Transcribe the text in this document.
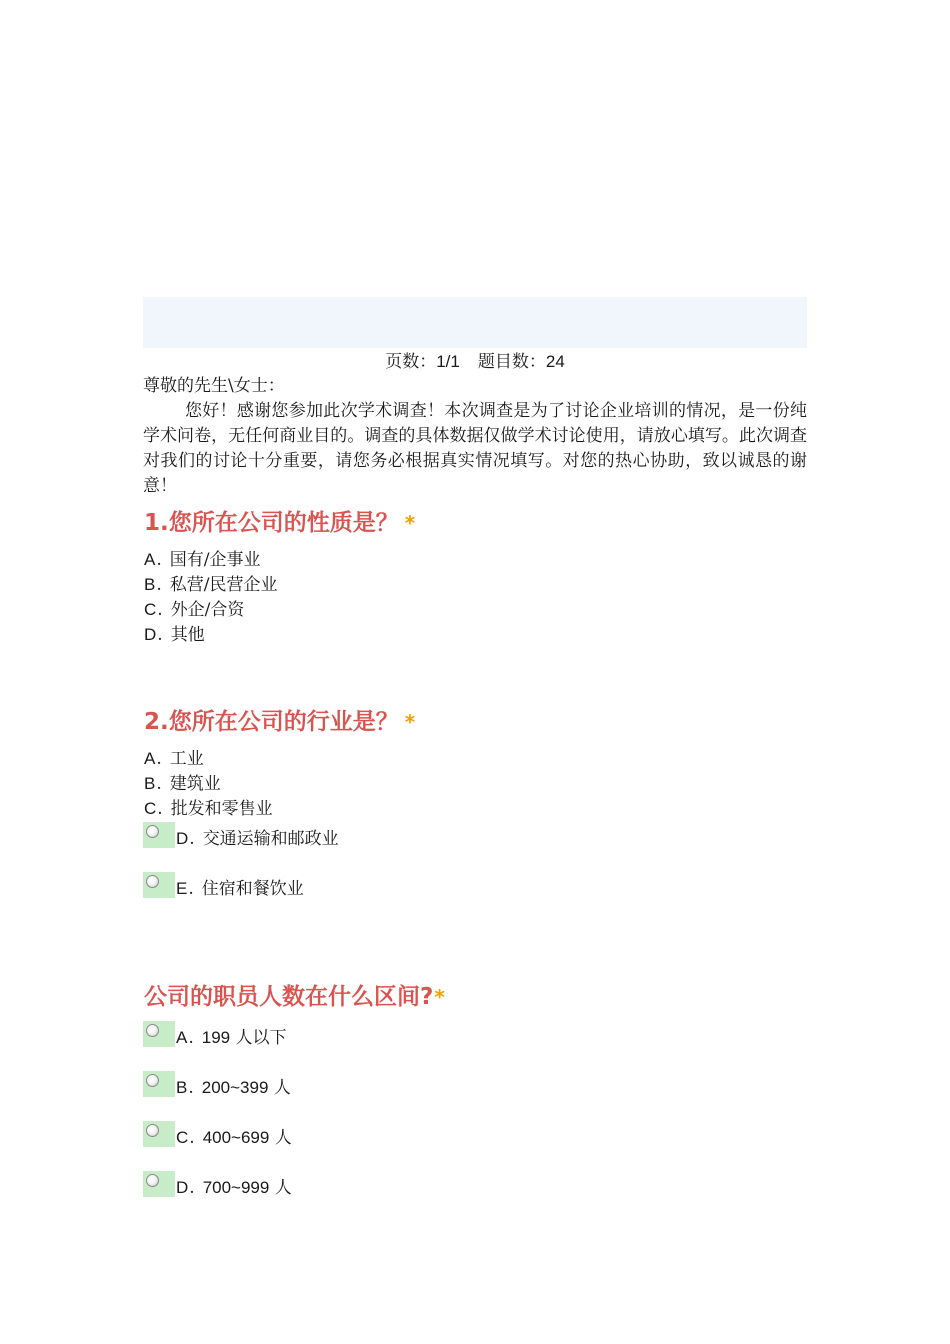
页数：1/1 题目数：24
尊敬的先生\女士：
您好！感谢您参加此次学术调查！本次调查是为了讨论企业培训的情况，是一份纯学术问卷，无任何商业目的。调查的具体数据仅做学术讨论使用，请放心填写。此次调查对我们的讨论十分重要，请您务必根据真实情况填写。对您的热心协助，致以诚恳的谢意！
1.您所在公司的性质是？ *
A. 国有/企事业
B. 私营/民营企业
C. 外企/合资
D. 其他
2.您所在公司的行业是？ *
A. 工业
B. 建筑业
C. 批发和零售业
D. 交通运输和邮政业
E. 住宿和餐饮业
公司的职员人数在什么区间?*
A. 199 人以下
B. 200~399 人
C. 400~699 人
D. 700~999 人
